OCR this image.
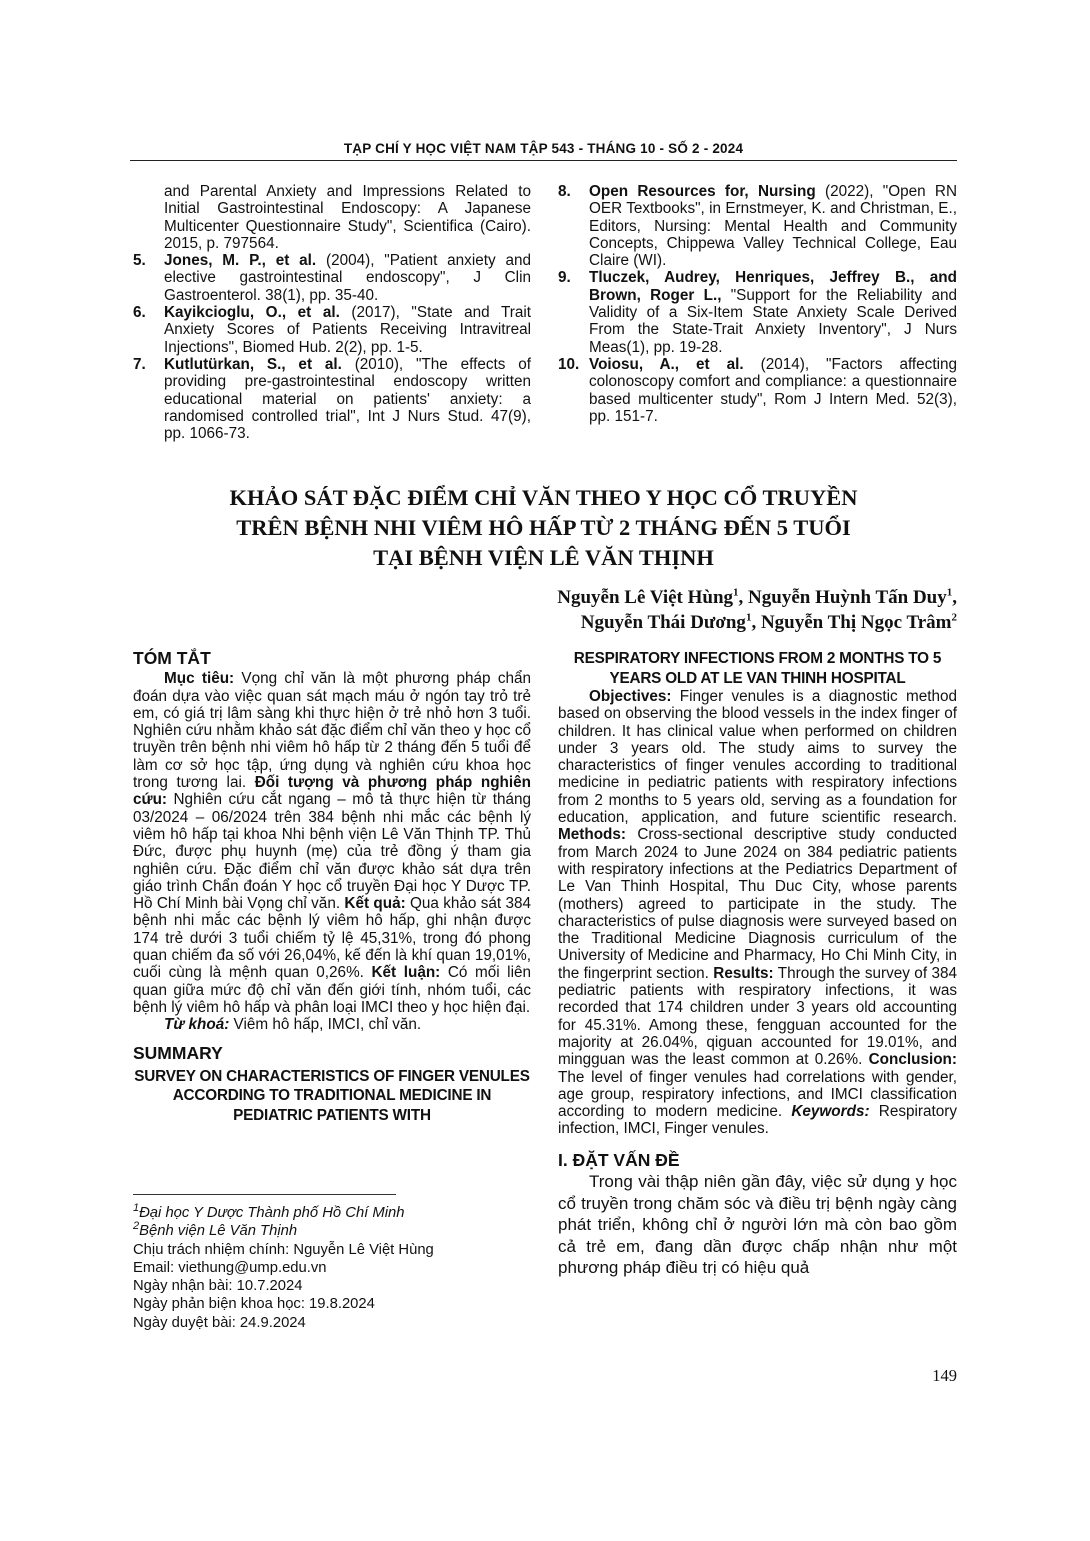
TẠP CHÍ Y HỌC VIỆT NAM TẬP 543 - THÁNG 10 - SỐ 2 - 2024
and Parental Anxiety and Impressions Related to Initial Gastrointestinal Endoscopy: A Japanese Multicenter Questionnaire Study", Scientifica (Cairo). 2015, p. 797564.
5. Jones, M. P., et al. (2004), "Patient anxiety and elective gastrointestinal endoscopy", J Clin Gastroenterol. 38(1), pp. 35-40.
6. Kayikcioglu, O., et al. (2017), "State and Trait Anxiety Scores of Patients Receiving Intravitreal Injections", Biomed Hub. 2(2), pp. 1-5.
7. Kutlutürkan, S., et al. (2010), "The effects of providing pre-gastrointestinal endoscopy written educational material on patients' anxiety: a randomised controlled trial", Int J Nurs Stud. 47(9), pp. 1066-73.
8. Open Resources for, Nursing (2022), "Open RN OER Textbooks", in Ernstmeyer, K. and Christman, E., Editors, Nursing: Mental Health and Community Concepts, Chippewa Valley Technical College, Eau Claire (WI).
9. Tluczek, Audrey, Henriques, Jeffrey B., and Brown, Roger L., "Support for the Reliability and Validity of a Six-Item State Anxiety Scale Derived From the State-Trait Anxiety Inventory", J Nurs Meas(1), pp. 19-28.
10. Voiosu, A., et al. (2014), "Factors affecting colonoscopy comfort and compliance: a questionnaire based multicenter study", Rom J Intern Med. 52(3), pp. 151-7.
KHẢO SÁT ĐẶC ĐIỂM CHỈ VĂN THEO Y HỌC CỔ TRUYỀN
TRÊN BỆNH NHI VIÊM HÔ HẤP TỪ 2 THÁNG ĐẾN 5 TUỔI
TẠI BỆNH VIỆN LÊ VĂN THỊNH
Nguyễn Lê Việt Hùng$^1$, Nguyễn Huỳnh Tấn Duy$^1$,
Nguyễn Thái Dương$^1$, Nguyễn Thị Ngọc Trâm$^2$
TÓM TẮT

Mục tiêu: Vọng chỉ văn là một phương pháp chẩn đoán dựa vào việc quan sát mạch máu ở ngón tay trỏ trẻ em, có giá trị lâm sàng khi thực hiện ở trẻ nhỏ hơn 3 tuổi. Nghiên cứu nhằm khảo sát đặc điểm chỉ văn theo y học cổ truyền trên bệnh nhi viêm hô hấp từ 2 tháng đến 5 tuổi để làm cơ sở học tập, ứng dụng và nghiên cứu khoa học trong tương lai. Đối tượng và phương pháp nghiên cứu: Nghiên cứu cắt ngang – mô tả thực hiện từ tháng 03/2024 – 06/2024 trên 384 bệnh nhi mắc các bệnh lý viêm hô hấp tại khoa Nhi bệnh viện Lê Văn Thịnh TP. Thủ Đức, được phụ huynh (mẹ) của trẻ đồng ý tham gia nghiên cứu. Đặc điểm chỉ văn được khảo sát dựa trên giáo trình Chẩn đoán Y học cổ truyền Đại học Y Dược TP. Hồ Chí Minh bài Vọng chỉ văn. Kết quả: Qua khảo sát 384 bệnh nhi mắc các bệnh lý viêm hô hấp, ghi nhận được 174 trẻ dưới 3 tuổi chiếm tỷ lệ 45,31%, trong đó phong quan chiếm đa số với 26,04%, kế đến là khí quan 19,01%, cuối cùng là mệnh quan 0,26%. Kết luận: Có mối liên quan giữa mức độ chỉ văn đến giới tính, nhóm tuổi, các bệnh lý viêm hô hấp và phân loại IMCI theo y học hiện đại.

Từ khoá: Viêm hô hấp, IMCI, chỉ văn.

SUMMARY
SURVEY ON CHARACTERISTICS OF FINGER VENULES ACCORDING TO TRADITIONAL MEDICINE IN PEDIATRIC PATIENTS WITH
$^1$Đại học Y Dược Thành phố Hồ Chí Minh
$^2$Bệnh viện Lê Văn Thịnh
Chịu trách nhiệm chính: Nguyễn Lê Việt Hùng
Email: viethung@ump.edu.vn
Ngày nhận bài: 10.7.2024
Ngày phản biện khoa học: 19.8.2024
Ngày duyệt bài: 24.9.2024
RESPIRATORY INFECTIONS FROM 2 MONTHS TO 5 YEARS OLD AT LE VAN THINH HOSPITAL

Objectives: Finger venules is a diagnostic method based on observing the blood vessels in the index finger of children. It has clinical value when performed on children under 3 years old. The study aims to survey the characteristics of finger venules according to traditional medicine in pediatric patients with respiratory infections from 2 months to 5 years old, serving as a foundation for education, application, and future scientific research. Methods: Cross-sectional descriptive study conducted from March 2024 to June 2024 on 384 pediatric patients with respiratory infections at the Pediatrics Department of Le Van Thinh Hospital, Thu Duc City, whose parents (mothers) agreed to participate in the study. The characteristics of pulse diagnosis were surveyed based on the Traditional Medicine Diagnosis curriculum of the University of Medicine and Pharmacy, Ho Chi Minh City, in the fingerprint section. Results: Through the survey of 384 pediatric patients with respiratory infections, it was recorded that 174 children under 3 years old accounting for 45.31%. Among these, fengguan accounted for the majority at 26.04%, qiguan accounted for 19.01%, and mingguan was the least common at 0.26%. Conclusion: The level of finger venules had correlations with gender, age group, respiratory infections, and IMCI classification according to modern medicine. Keywords: Respiratory infection, IMCI, Finger venules.

I. ĐẶT VẤN ĐỀ

Trong vài thập niên gần đây, việc sử dụng y học cổ truyền trong chăm sóc và điều trị bệnh ngày càng phát triển, không chỉ ở người lớn mà còn bao gồm cả trẻ em, đang dần được chấp nhận như một phương pháp điều trị có hiệu quả

149
